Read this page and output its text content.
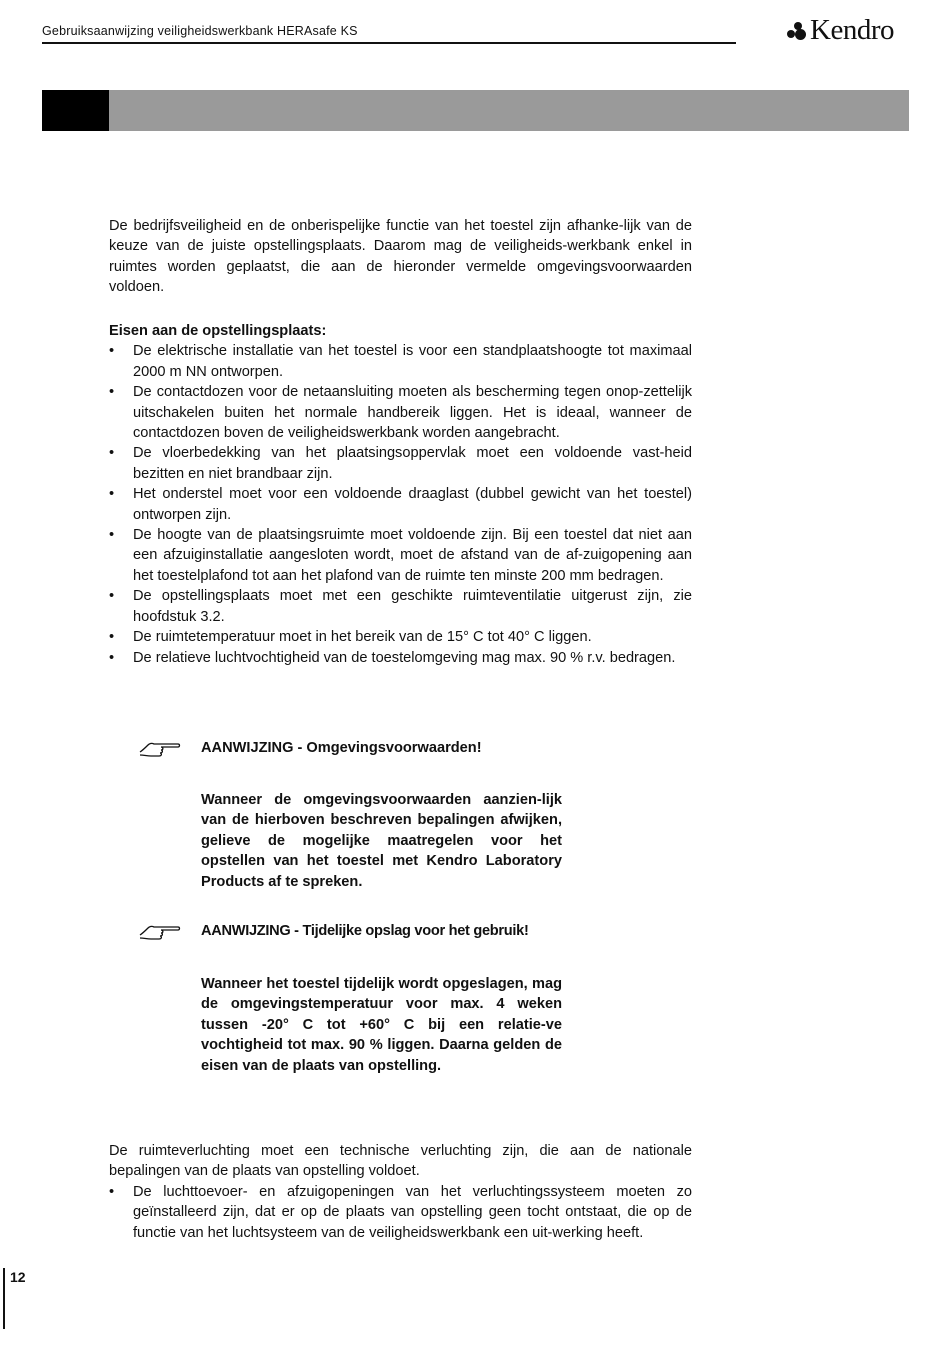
Gebruiksaanwijzing veiligheidswerkbank HERAsafe KS	Kendro

De bedrijfsveiligheid en de onberispelijke functie van het toestel zijn afhanke-lijk van de keuze van de juiste opstellingsplaats. Daarom mag de veiligheids-werkbank enkel in ruimtes worden geplaatst, die aan de hieronder vermelde omgevingsvoorwaarden voldoen.

Eisen aan de opstellingsplaats:

• De elektrische installatie van het toestel is voor een standplaatshoogte tot maximaal 2000 m NN ontworpen.
• De contactdozen voor de netaansluiting moeten als bescherming tegen onop-zettelijk uitschakelen buiten het normale handbereik liggen. Het is ideaal, wanneer de contactdozen boven de veiligheidswerkbank worden aangebracht.
• De vloerbedekking van het plaatsingsoppervlak moet een voldoende vast-heid bezitten en niet brandbaar zijn.
• Het onderstel moet voor een voldoende draaglast (dubbel gewicht van het toestel) ontworpen zijn.
• De hoogte van de plaatsingsruimte moet voldoende zijn. Bij een toestel dat niet aan een afzuiginstallatie aangesloten wordt, moet de afstand van de af-zuigopening aan het toestelplafond tot aan het plafond van de ruimte ten minste 200 mm bedragen.
• De opstellingsplaats moet met een geschikte ruimteventilatie uitgerust zijn, zie hoofdstuk 3.2.
• De ruimtetemperatuur moet in het bereik van de 15° C tot 40° C liggen.
• De relatieve luchtvochtigheid van de toestelomgeving mag max. 90 % r.v. bedragen.
AANWIJZING - Omgevingsvoorwaarden!

Wanneer de omgevingsvoorwaarden aanzien-lijk van de hierboven beschreven bepalingen afwijken, gelieve de mogelijke maatregelen voor het opstellen van het toestel met Kendro Laboratory Products af te spreken.

AANWIJZING - Tijdelijke opslag voor het gebruik!

Wanneer het toestel tijdelijk wordt opgeslagen, mag de omgevingstemperatuur voor max. 4 weken tussen -20° C tot +60° C bij een relatie-ve vochtigheid tot max. 90 % liggen. Daarna gelden de eisen van de plaats van opstelling.

De ruimteverluchting moet een technische verluchting zijn, die aan de nationale bepalingen van de plaats van opstelling voldoet.

• De luchttoevoer- en afzuigopeningen van het verluchtingssysteem moeten zo geïnstalleerd zijn, dat er op de plaats van opstelling geen tocht ontstaat, die op de functie van het luchtsysteem van de veiligheidswerkbank een uit-werking heeft.
12
